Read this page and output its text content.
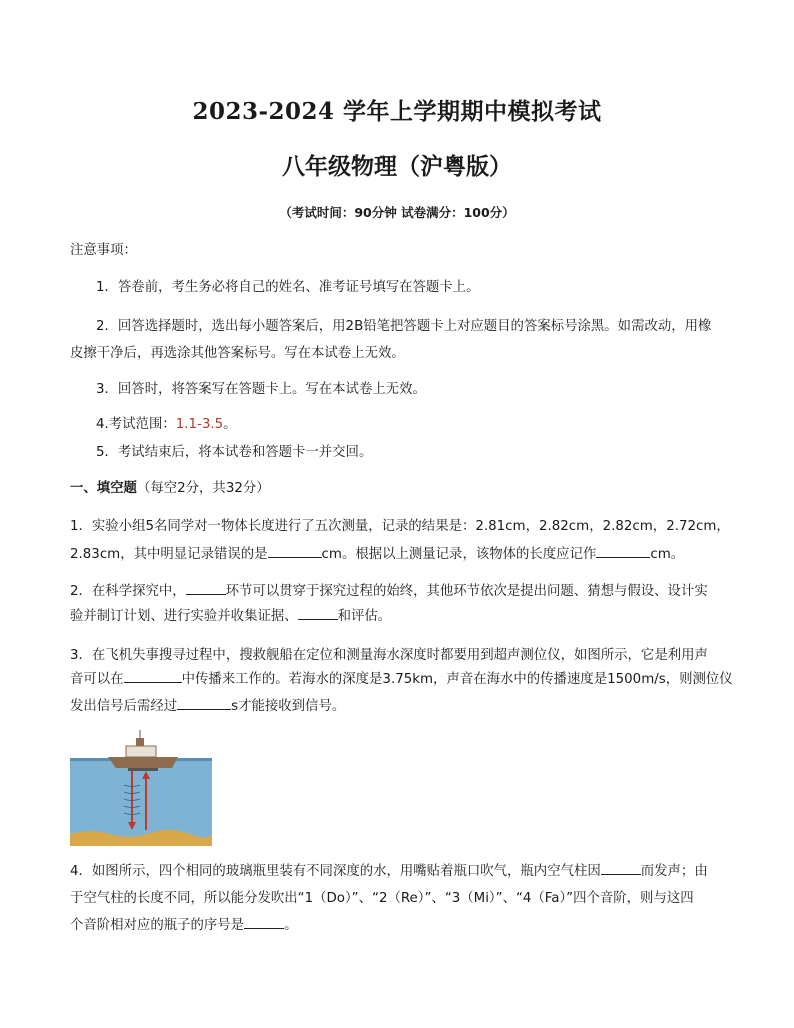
2023-2024 学年上学期期中模拟考试
八年级物理（沪粤版）
（考试时间：90分钟 试卷满分：100分）
注意事项：
1．答卷前，考生务必将自己的姓名、准考证号填写在答题卡上。
2．回答选择题时，选出每小题答案后，用2B铅笔把答题卡上对应题目的答案标号涂黑。如需改动，用橡
皮擦干净后，再选涂其他答案标号。写在本试卷上无效。
3．回答时，将答案写在答题卡上。写在本试卷上无效。
4.考试范围：1.1-3.5。
5．考试结束后，将本试卷和答题卡一并交回。
一、填空题（每空2分，共32分）
1．实验小组5名同学对一物体长度进行了五次测量，记录的结果是：2.81cm，2.82cm，2.82cm，2.72cm，
2.83cm，其中明显记录错误的是	cm。根据以上测量记录，该物体的长度应记作	cm。
2．在科学探究中，	环节可以贯穿于探究过程的始终，其他环节依次是提出问题、猜想与假设、设计实
验并制订计划、进行实验并收集证据、	和评估。
3．在飞机失事搜寻过程中，搜救舰船在定位和测量海水深度时都要用到超声测位仪，如图所示，它是利用声
音可以在	中传播来工作的。若海水的深度是3.75km，声音在海水中的传播速度是1500m/s，则测位仪
发出信号后需经过	s才能接收到信号。
4．如图所示，四个相同的玻璃瓶里装有不同深度的水，用嘴贴着瓶口吹气，瓶内空气柱因	而发声；由
于空气柱的长度不同，所以能分发吹出“1（Do）”、“2（Re）”、“3（Mi）”、“4（Fa）”四个音阶，则与这四
个音阶相对应的瓶子的序号是	。
